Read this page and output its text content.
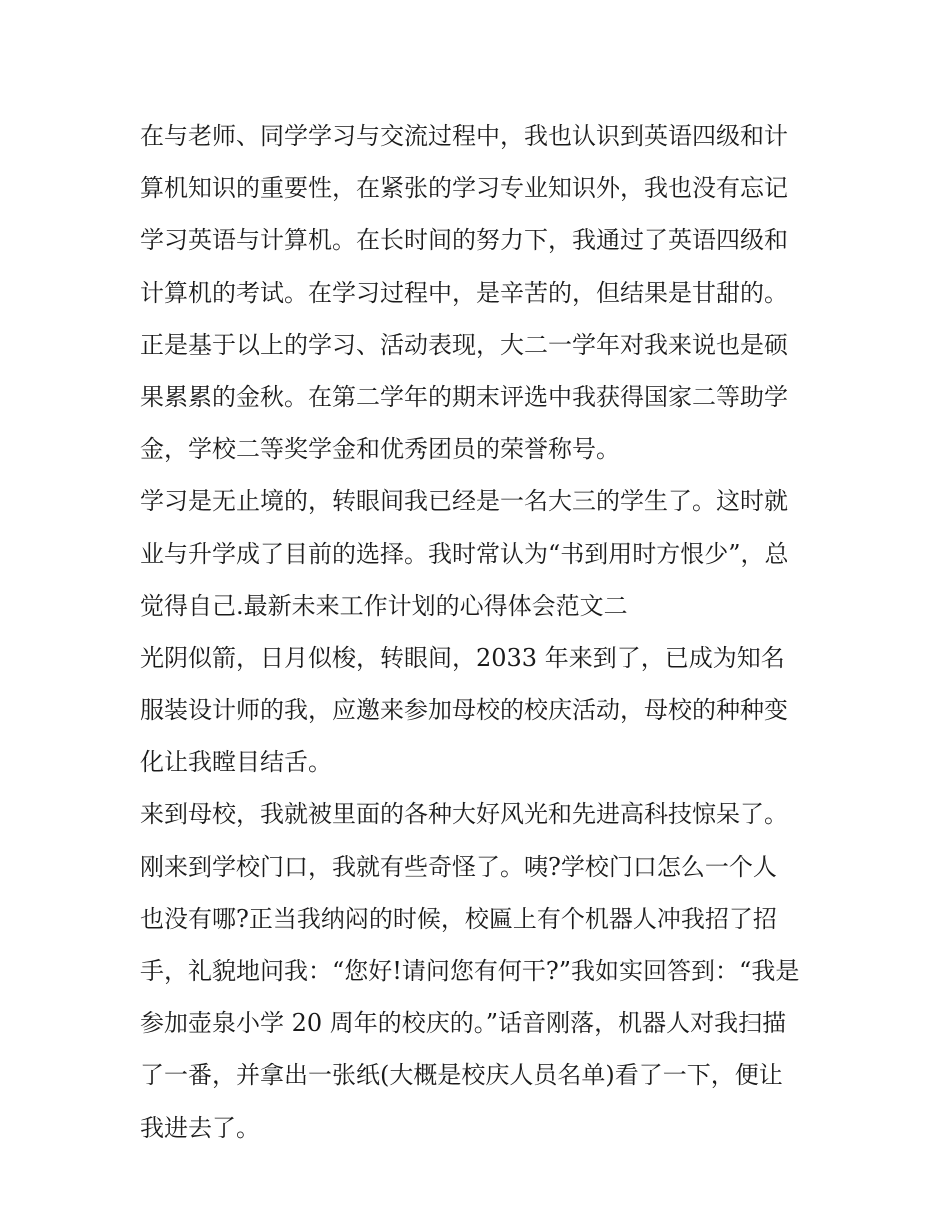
在与老师、同学学习与交流过程中，我也认识到英语四级和计
算机知识的重要性，在紧张的学习专业知识外，我也没有忘记
学习英语与计算机。在长时间的努力下，我通过了英语四级和
计算机的考试。在学习过程中，是辛苦的，但结果是甘甜的。
正是基于以上的学习、活动表现，大二一学年对我来说也是硕
果累累的金秋。在第二学年的期末评选中我获得国家二等助学
金，学校二等奖学金和优秀团员的荣誉称号。
学习是无止境的，转眼间我已经是一名大三的学生了。这时就
业与升学成了目前的选择。我时常认为“书到用时方恨少”，总
觉得自己.最新未来工作计划的心得体会范文二
光阴似箭，日月似梭，转眼间，2033 年来到了，已成为知名
服装设计师的我，应邀来参加母校的校庆活动，母校的种种变
化让我瞠目结舌。
来到母校，我就被里面的各种大好风光和先进高科技惊呆了。
刚来到学校门口，我就有些奇怪了。咦?学校门口怎么一个人
也没有哪?正当我纳闷的时候，校匾上有个机器人冲我招了招
手，礼貌地问我：“您好!请问您有何干?”我如实回答到：“我是
参加壶泉小学 20 周年的校庆的。”话音刚落，机器人对我扫描
了一番，并拿出一张纸(大概是校庆人员名单)看了一下，便让
我进去了。
